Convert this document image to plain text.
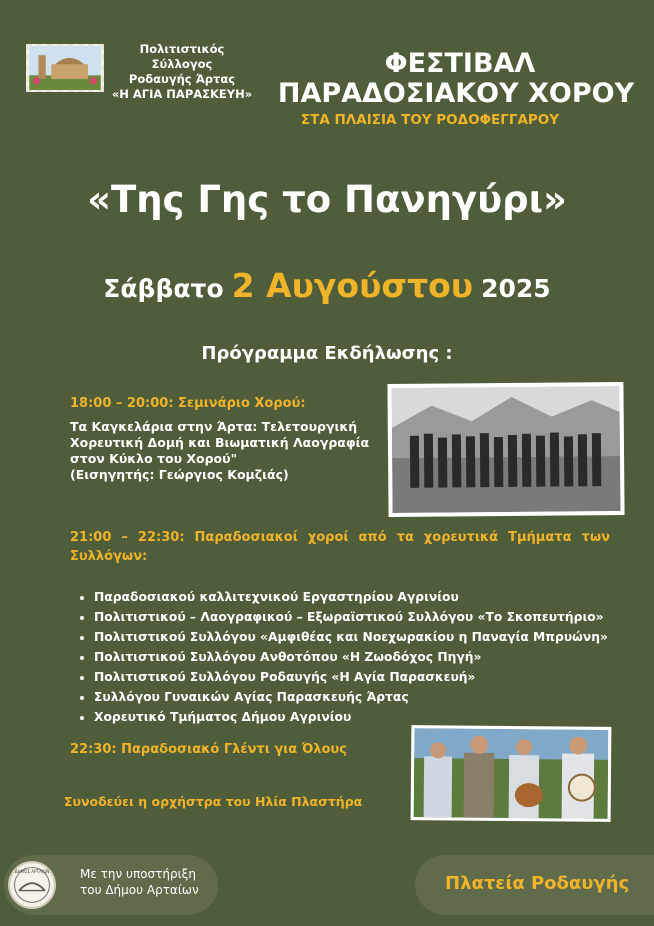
Πολιτιστικός Σύλλογος
Ροδαυγής Άρτας
«Η ΑΓΙΑ ΠΑΡΑΣΚΕΥΗ»
ΦΕΣΤΙΒΑΛ
ΠΑΡΑΔΟΣΙΑΚΟΥ ΧΟΡΟΥ
ΣΤΑ ΠΛΑΙΣΙΑ ΤΟΥ ΡΟΔΟΦΕΓΓΑΡΟΥ
«Της Γης το Πανηγύρι»
Σάββατο 2 Αυγούστου 2025
Πρόγραμμα Εκδήλωσης :
18:00 – 20:00: Σεμινάριο Χορού:
Τα Καγκελάρια στην Άρτα: Τελετουργική
Χορευτική Δομή και Βιωματική Λαογραφία
στον Κύκλο του Χορού"
(Εισηγητής: Γεώργιος Κομζιάς)
21:00 – 22:30: Παραδοσιακοί χοροί από τα χορευτικά Τμήματα των Συλλόγων:
• Παραδοσιακού καλλιτεχνικού Εργαστηρίου Αγρινίου
• Πολιτιστικού – Λαογραφικού – Εξωραϊστικού Συλλόγου «Το Σκοπευτήριο»
• Πολιτιστικού Συλλόγου «Αμφιθέας και Νοεχωρακίου η Παναγία Μπρυώνη»
• Πολιτιστικού Συλλόγου Ανθοτόπου «Η Ζωοδόχος Πηγή»
• Πολιτιστικού Συλλόγου Ροδαυγής «Η Αγία Παρασκευή»
• Συλλόγου Γυναικών Αγίας Παρασκευής Άρτας
• Χορευτικό Τμήματος Δήμου Αγρινίου
22:30: Παραδοσιακό Γλέντι για Όλους
Συνοδεύει η ορχήστρα του Ηλία Πλαστήρα
ΔΗΜΟΣ ΑΡΤΑΙΩΝ	Με την υποστήριξη
του Δήμου Αρταίων	Πλατεία Ροδαυγής
